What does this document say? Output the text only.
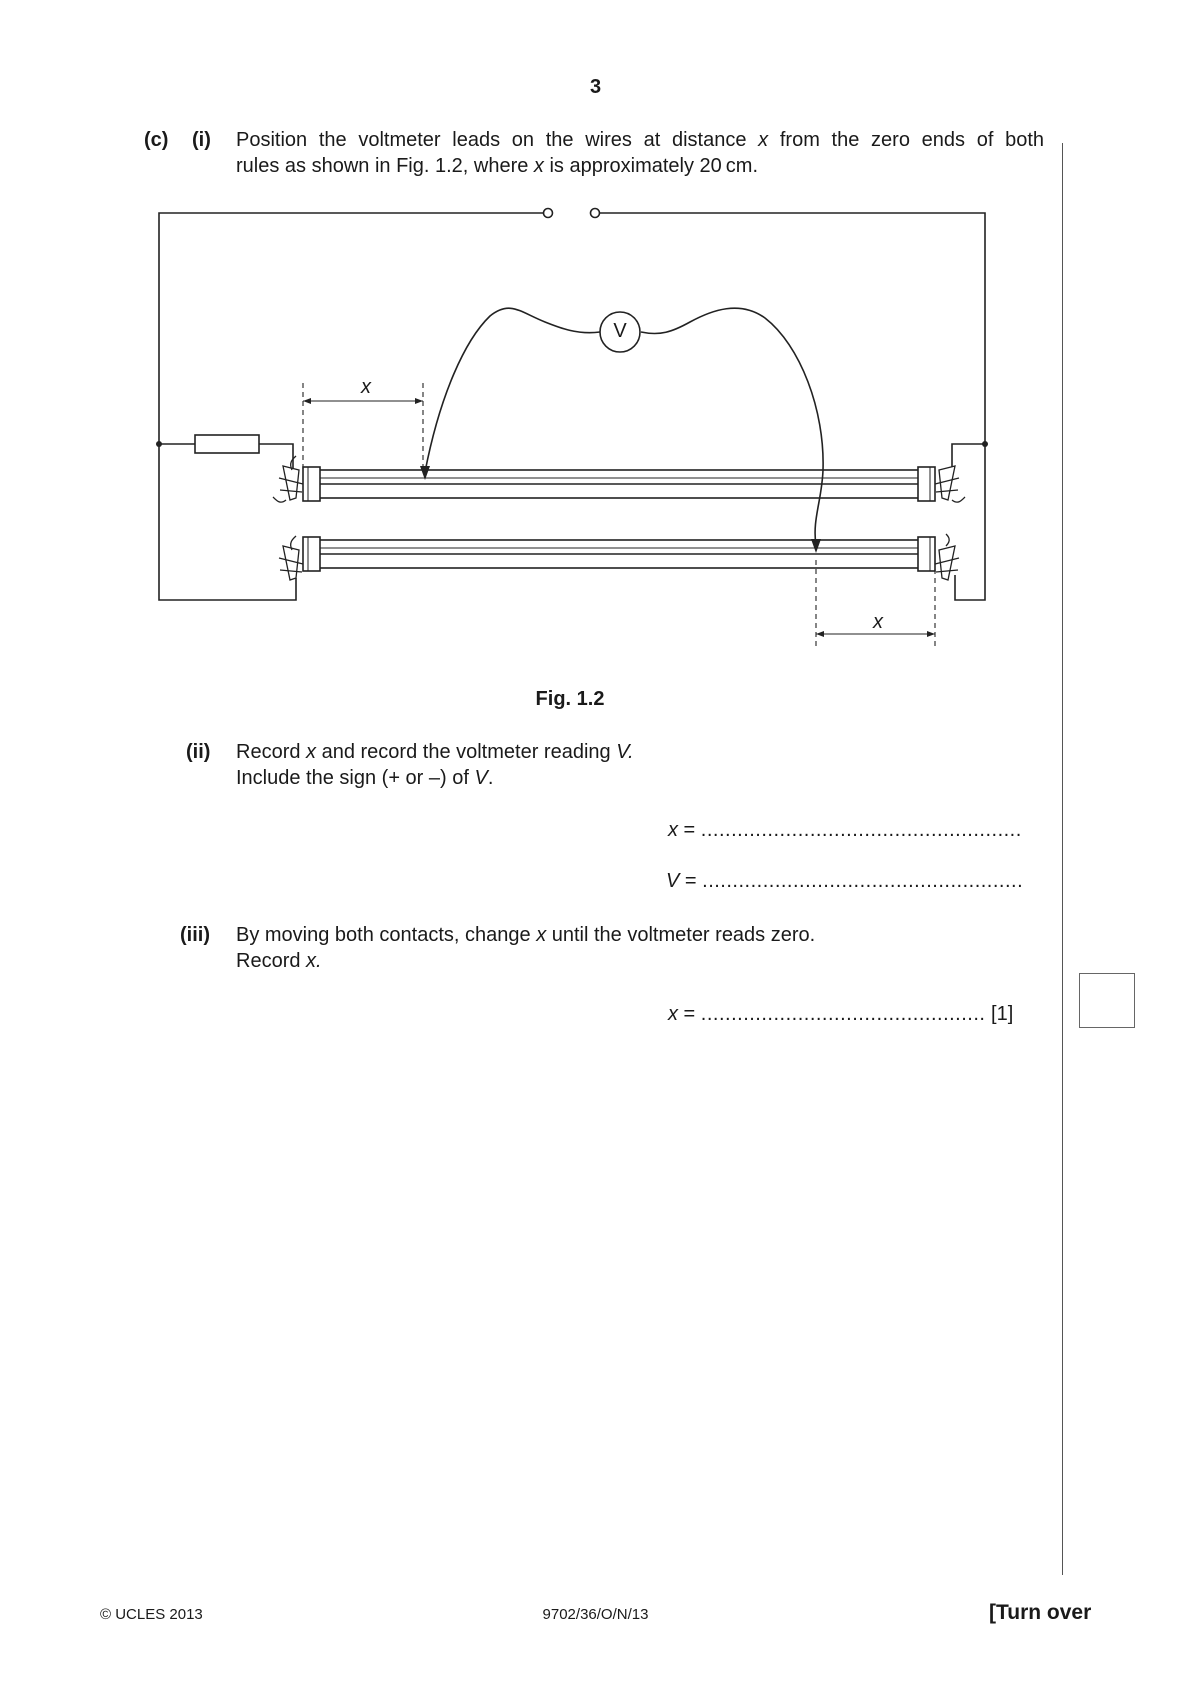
3
(c) (i) Position the voltmeter leads on the wires at distance x from the zero ends of both
rules as shown in Fig. 1.2, where x is approximately 20 cm.
V
x
x
Fig. 1.2
(ii) Record x and record the voltmeter reading V.
Include the sign (+ or –) of V.
x = .....................................................
V = .....................................................
(iii) By moving both contacts, change x until the voltmeter reads zero.
Record x.
x = ............................................... [1]
© UCLES 2013	9702/36/O/N/13	[Turn over
